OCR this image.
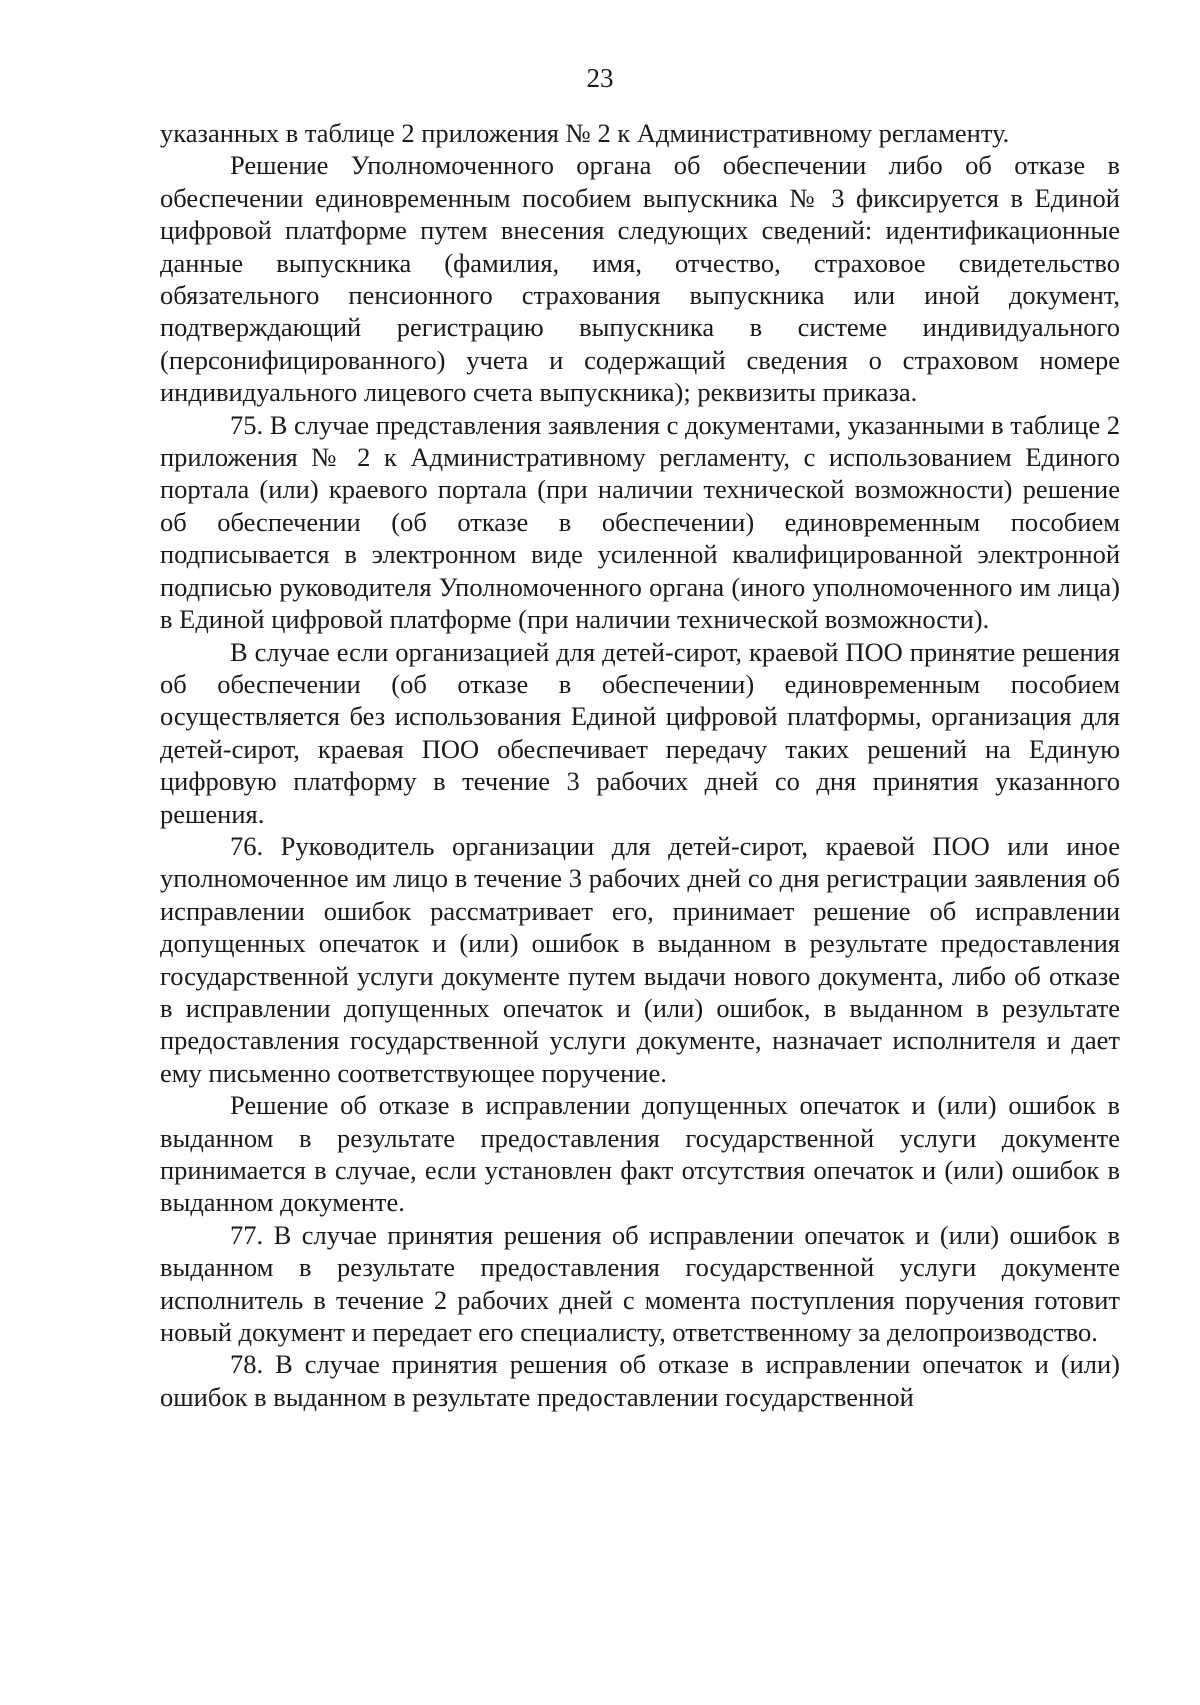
23

указанных в таблице 2 приложения № 2 к Административному регламенту.

Решение Уполномоченного органа об обеспечении либо об отказе в обеспечении единовременным пособием выпускника № 3 фиксируется в Единой цифровой платформе путем внесения следующих сведений: идентификационные данные выпускника (фамилия, имя, отчество, страховое свидетельство обязательного пенсионного страхования выпускника или иной документ, подтверждающий регистрацию выпускника в системе индивидуального (персонифицированного) учета и содержащий сведения о страховом номере индивидуального лицевого счета выпускника); реквизиты приказа.

75. В случае представления заявления с документами, указанными в таблице 2 приложения № 2 к Административному регламенту, с использованием Единого портала (или) краевого портала (при наличии технической возможности) решение об обеспечении (об отказе в обеспечении) единовременным пособием подписывается в электронном виде усиленной квалифицированной электронной подписью руководителя Уполномоченного органа (иного уполномоченного им лица) в Единой цифровой платформе (при наличии технической возможности).

В случае если организацией для детей-сирот, краевой ПОО принятие решения об обеспечении (об отказе в обеспечении) единовременным пособием осуществляется без использования Единой цифровой платформы, организация для детей-сирот, краевая ПОО обеспечивает передачу таких решений на Единую цифровую платформу в течение 3 рабочих дней со дня принятия указанного решения.

76. Руководитель организации для детей-сирот, краевой ПОО или иное уполномоченное им лицо в течение 3 рабочих дней со дня регистрации заявления об исправлении ошибок рассматривает его, принимает решение об исправлении допущенных опечаток и (или) ошибок в выданном в результате предоставления государственной услуги документе путем выдачи нового документа, либо об отказе в исправлении допущенных опечаток и (или) ошибок, в выданном в результате предоставления государственной услуги документе, назначает исполнителя и дает ему письменно соответствующее поручение.

Решение об отказе в исправлении допущенных опечаток и (или) ошибок в выданном в результате предоставления государственной услуги документе принимается в случае, если установлен факт отсутствия опечаток и (или) ошибок в выданном документе.

77. В случае принятия решения об исправлении опечаток и (или) ошибок в выданном в результате предоставления государственной услуги документе исполнитель в течение 2 рабочих дней с момента поступления поручения готовит новый документ и передает его специалисту, ответственному за делопроизводство.

78. В случае принятия решения об отказе в исправлении опечаток и (или) ошибок в выданном в результате предоставлении государственной
